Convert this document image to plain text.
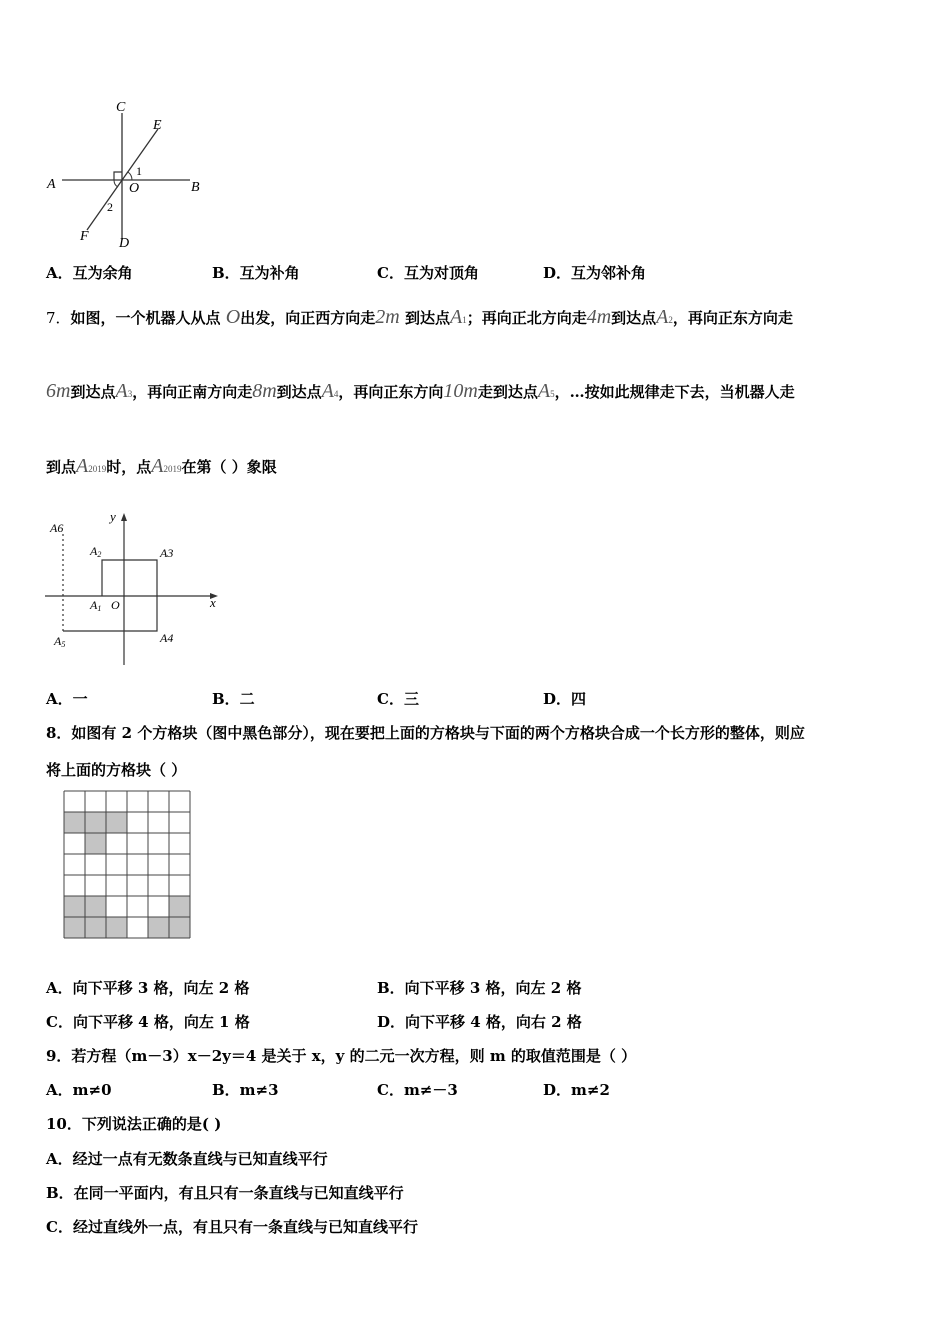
C
E
A	O	B
1
2
F D
A．互为余角	B．互为补角	C．互为对顶角	D．互为邻补角
7．如图，一个机器人从点 O出发，向正西方向走2m 到达点A1；再向正北方向走4m到达点A2，再向正东方向走
6m到达点A3，再向正南方向走8m到达点A4，再向正东方向10m走到达点A5，…按如此规律走下去，当机器人走
到点A2019时，点A2019在第（ ）象限
A6
y
A2	A3
A1 O	x
A5	A4
A．一	B．二	C．三	D．四
8．如图有 2 个方格块（图中黑色部分），现在要把上面的方格块与下面的两个方格块合成一个长方形的整体，则应
将上面的方格块（ ）
A．向下平移 3 格，向左 2 格	B．向下平移 3 格，向左 2 格
C．向下平移 4 格，向左 1 格	D．向下平移 4 格，向右 2 格
9．若方程（m－3）x－2y＝4 是关于 x，y 的二元一次方程，则 m 的取值范围是（ ）
A．m≠0	B．m≠3	C．m≠－3	D．m≠2
10．下列说法正确的是( )
A．经过一点有无数条直线与已知直线平行
B．在同一平面内，有且只有一条直线与已知直线平行
C．经过直线外一点，有且只有一条直线与已知直线平行
